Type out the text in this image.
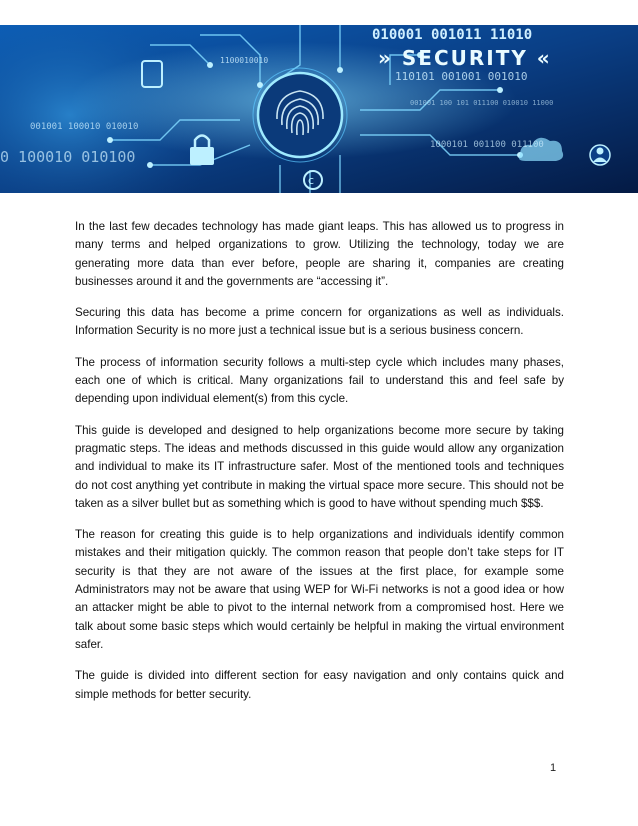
c
010001 001011 11010
1100010010
110101 001001 001010
001001 100010 010010
0 100010 010100
1000101 001100 011100
001001 100 101 011100 010010 11000
» SECURITY «

In the last few decades technology has made giant leaps. This has allowed us to progress in many terms and helped organizations to grow. Utilizing the technology, today we are generating more data than ever before, people are sharing it, companies are creating businesses around it and the governments are “accessing it”.

Securing this data has become a prime concern for organizations as well as individuals. Information Security is no more just a technical issue but is a serious business concern.

The process of information security follows a multi-step cycle which includes many phases, each one of which is critical. Many organizations fail to understand this and feel safe by depending upon individual element(s) from this cycle.

This guide is developed and designed to help organizations become more secure by taking pragmatic steps. The ideas and methods discussed in this guide would allow any organization and individual to make its IT infrastructure safer. Most of the mentioned tools and techniques do not cost anything yet contribute in making the virtual space more secure. This should not be taken as a silver bullet but as something which is good to have without spending much $$$.

The reason for creating this guide is to help organizations and individuals identify common mistakes and their mitigation quickly. The common reason that people don’t take steps for IT security is that they are not aware of the issues at the first place, for example some Administrators may not be aware that using WEP for Wi-Fi networks is not a good idea or how an attacker might be able to pivot to the internal network from a compromised host. Here we talk about some basic steps which would certainly be helpful in making the virtual environment safer.

The guide is divided into different section for easy navigation and only contains quick and simple methods for better security.

1
